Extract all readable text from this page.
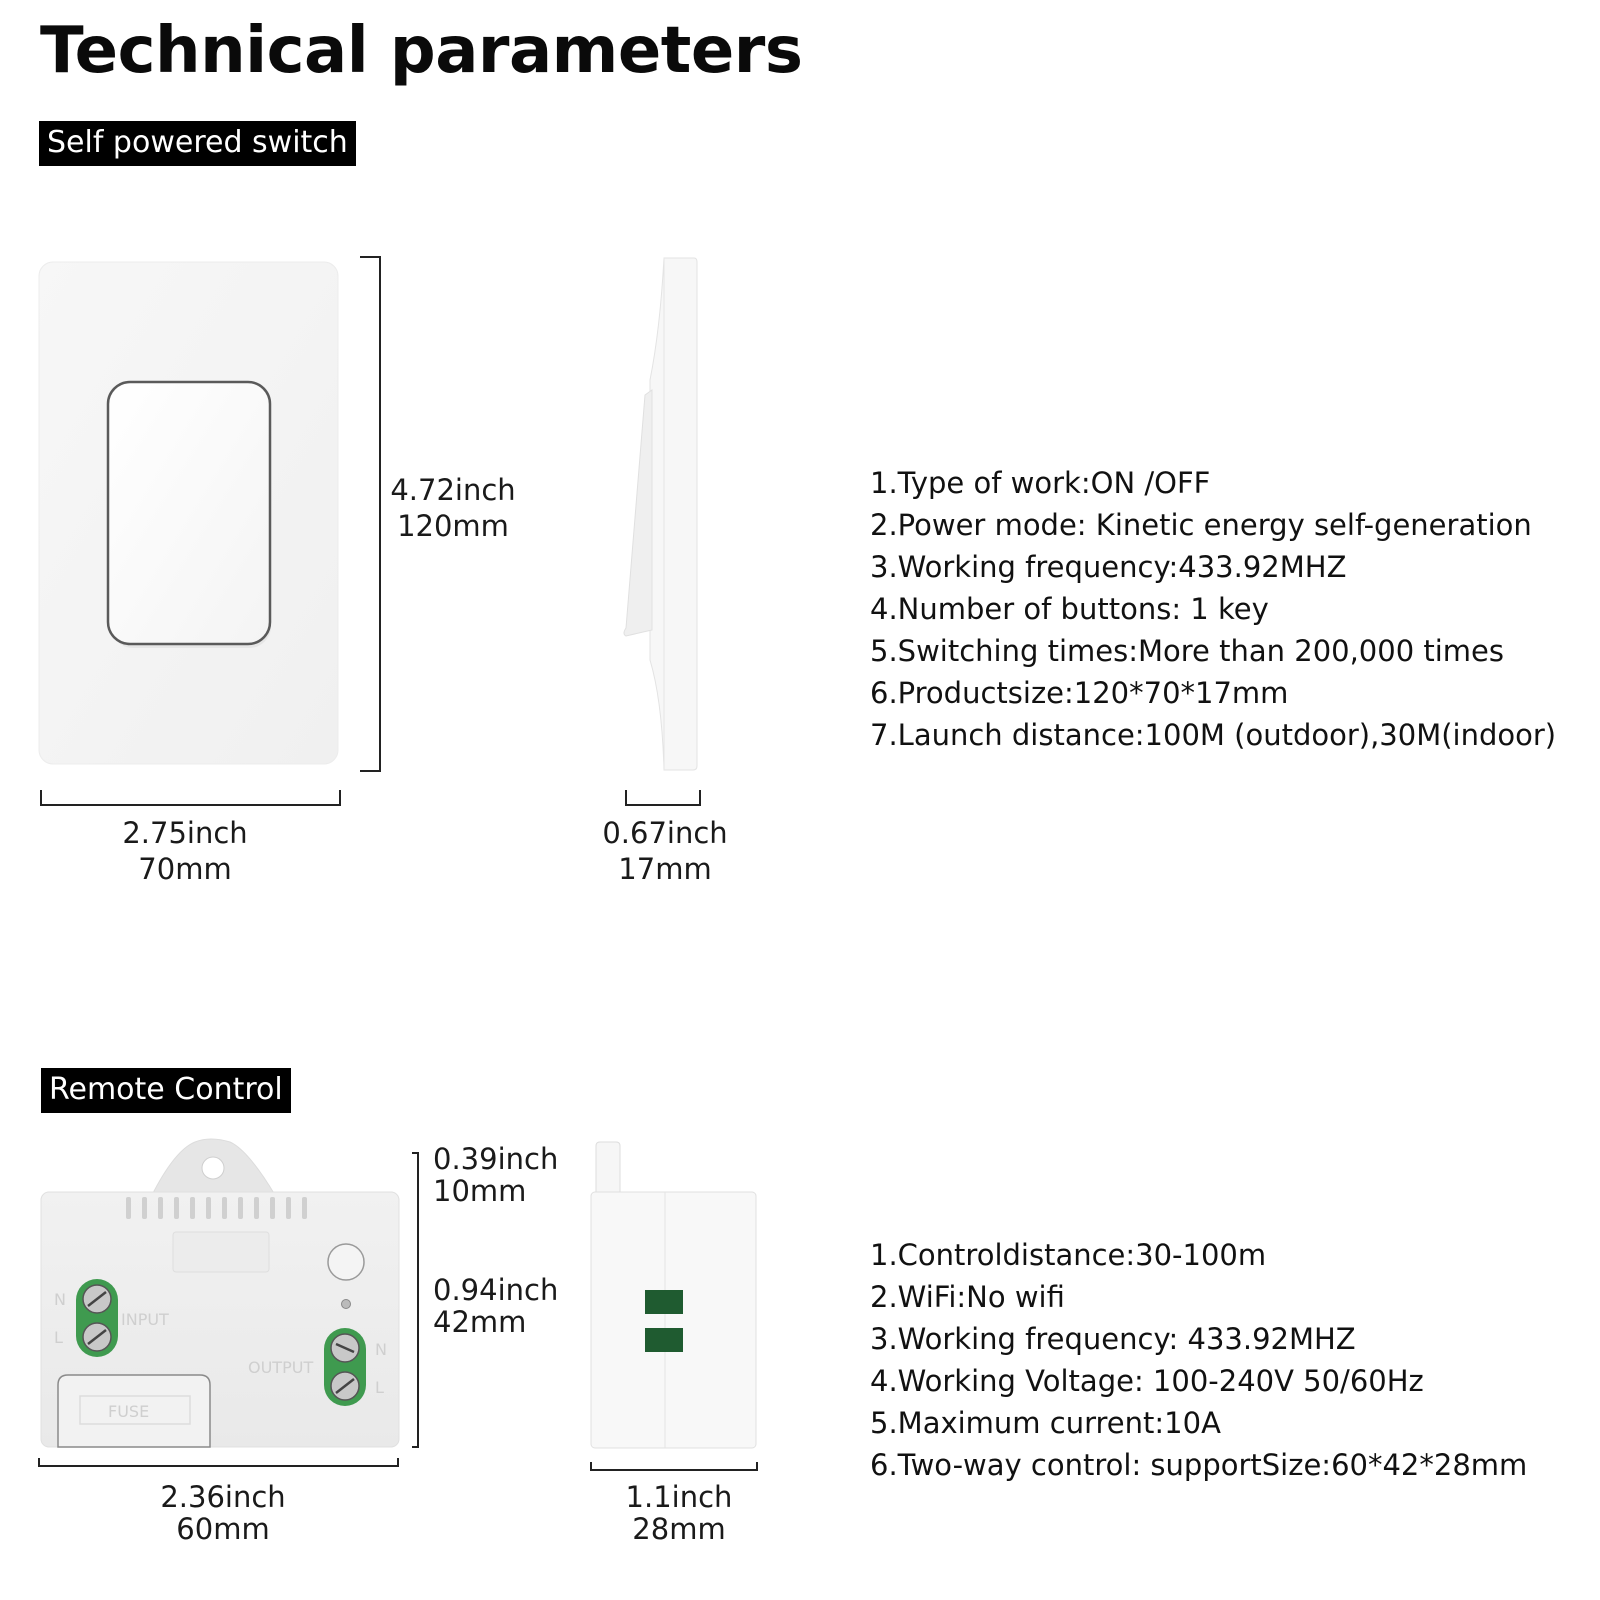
Technical parameters
Self powered switch
Remote Control
N
L
INPUT
OUTPUT
N
L
FUSE
4.72inch
120mm
2.75inch
70mm
0.67inch
17mm
1.Type of work:ON /OFF
2.Power mode: Kinetic energy self-generation
3.Working frequency:433.92MHZ
4.Number of buttons: 1 key
5.Switching times:More than 200,000 times
6.Productsize:120*70*17mm
7.Launch distance:100M (outdoor),30M(indoor)
0.39inch
10mm
0.94inch
42mm
2.36inch
60mm
1.1inch
28mm
1.Controldistance:30-100m
2.WiFi:No wifi
3.Working frequency: 433.92MHZ
4.Working Voltage: 100-240V 50/60Hz
5.Maximum current:10A
6.Two-way control: supportSize:60*42*28mm
